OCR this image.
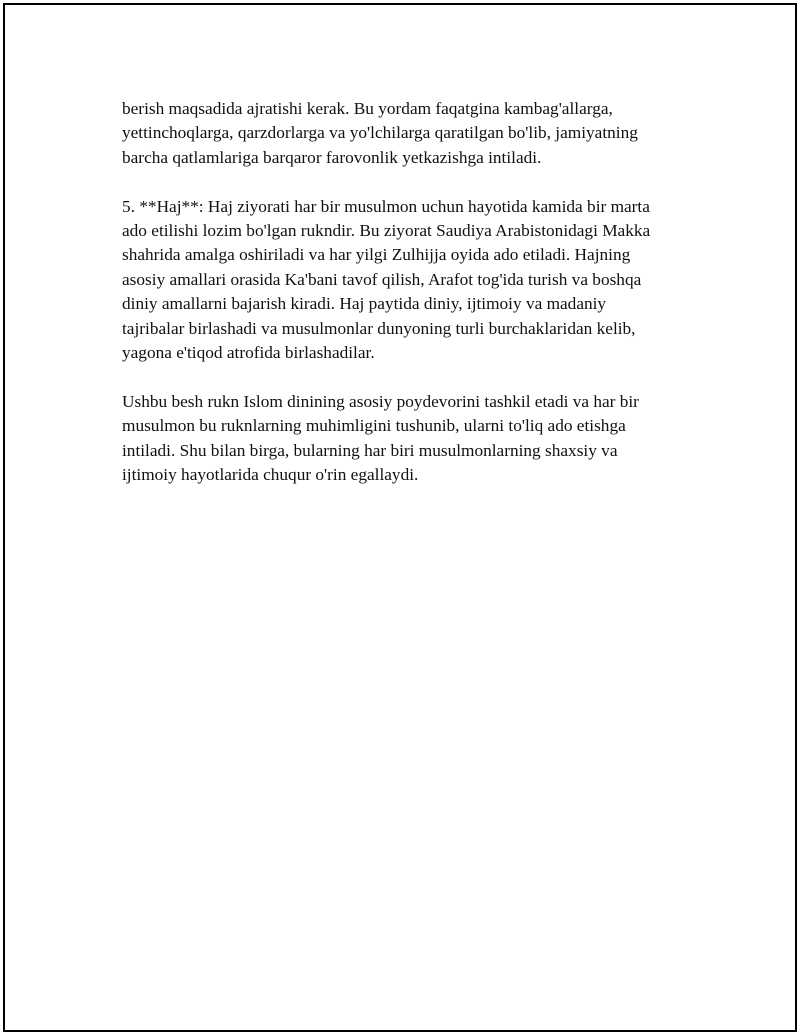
berish maqsadida ajratishi kerak. Bu yordam faqatgina kambag'allarga,
yettinchoqlarga, qarzdorlarga va yo'lchilarga qaratilgan bo'lib, jamiyatning
barcha qatlamlariga barqaror farovonlik yetkazishga intiladi.

5. **Haj**: Haj ziyorati har bir musulmon uchun hayotida kamida bir marta
ado etilishi lozim bo'lgan rukndir. Bu ziyorat Saudiya Arabistonidagi Makka
shahrida amalga oshiriladi va har yilgi Zulhijja oyida ado etiladi. Hajning
asosiy amallari orasida Ka'bani tavof qilish, Arafot tog'ida turish va boshqa
diniy amallarni bajarish kiradi. Haj paytida diniy, ijtimoiy va madaniy
tajribalar birlashadi va musulmonlar dunyoning turli burchaklaridan kelib,
yagona e'tiqod atrofida birlashadilar.

Ushbu besh rukn Islom dinining asosiy poydevorini tashkil etadi va har bir
musulmon bu ruknlarning muhimligini tushunib, ularni to'liq ado etishga
intiladi. Shu bilan birga, bularning har biri musulmonlarning shaxsiy va
ijtimoiy hayotlarida chuqur o'rin egallaydi.
